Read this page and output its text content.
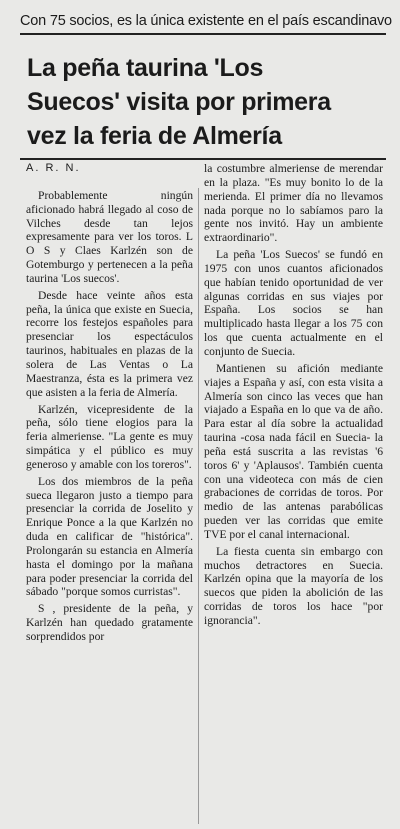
Con 75 socios, es la única existente en el país escandinavo
La peña taurina 'Los
Suecos' visita por primera
vez la feria de Almería

A. R. N.

Probablemente ningún aficionado habrá llegado al coso de Vilches desde tan lejos expresamente para ver los toros. L O S y Claes Karlzén son de Gotemburgo y pertenecen a la peña taurina 'Los suecos'.

Desde hace veinte años esta peña, la única que existe en Suecia, recorre los festejos españoles para presenciar los espectáculos taurinos, habituales en plazas de la solera de Las Ventas o La Maestranza, ésta es la primera vez que asisten a la feria de Almería.

Karlzén, vicepresidente de la peña, sólo tiene elogios para la feria almeriense. "La gente es muy simpática y el público es muy generoso y amable con los toreros".

Los dos miembros de la peña sueca llegaron justo a tiempo para presenciar la corrida de Joselito y Enrique Ponce a la que Karlzén no duda en calificar de "histórica". Prolongarán su estancia en Almería hasta el domingo por la mañana para poder presenciar la corrida del sábado "porque somos curristas".

S , presidente de la peña, y Karlzén han quedado gratamente sorprendidos por

la costumbre almeriense de merendar en la plaza. "Es muy bonito lo de la merienda. El primer día no llevamos nada porque no lo sabíamos paro la gente nos invitó. Hay un ambiente extraordinario".

La peña 'Los Suecos' se fundó en 1975 con unos cuantos aficionados que habían tenido oportunidad de ver algunas corridas en sus viajes por España. Los socios se han multiplicado hasta llegar a los 75 con los que cuenta actualmente en el conjunto de Suecia.

Mantienen su afición mediante viajes a España y así, con esta visita a Almería son cinco las veces que han viajado a España en lo que va de año. Para estar al día sobre la actualidad taurina -cosa nada fácil en Suecia- la peña está suscrita a las revistas '6 toros 6' y 'Aplausos'. También cuenta con una videoteca con más de cien grabaciones de corridas de toros. Por medio de las antenas parabólicas pueden ver las corridas que emite TVE por el canal internacional.

La fiesta cuenta sin embargo con muchos detractores en Suecia. Karlzén opina que la mayoría de los suecos que piden la abolición de las corridas de toros los hace "por ignorancia".
